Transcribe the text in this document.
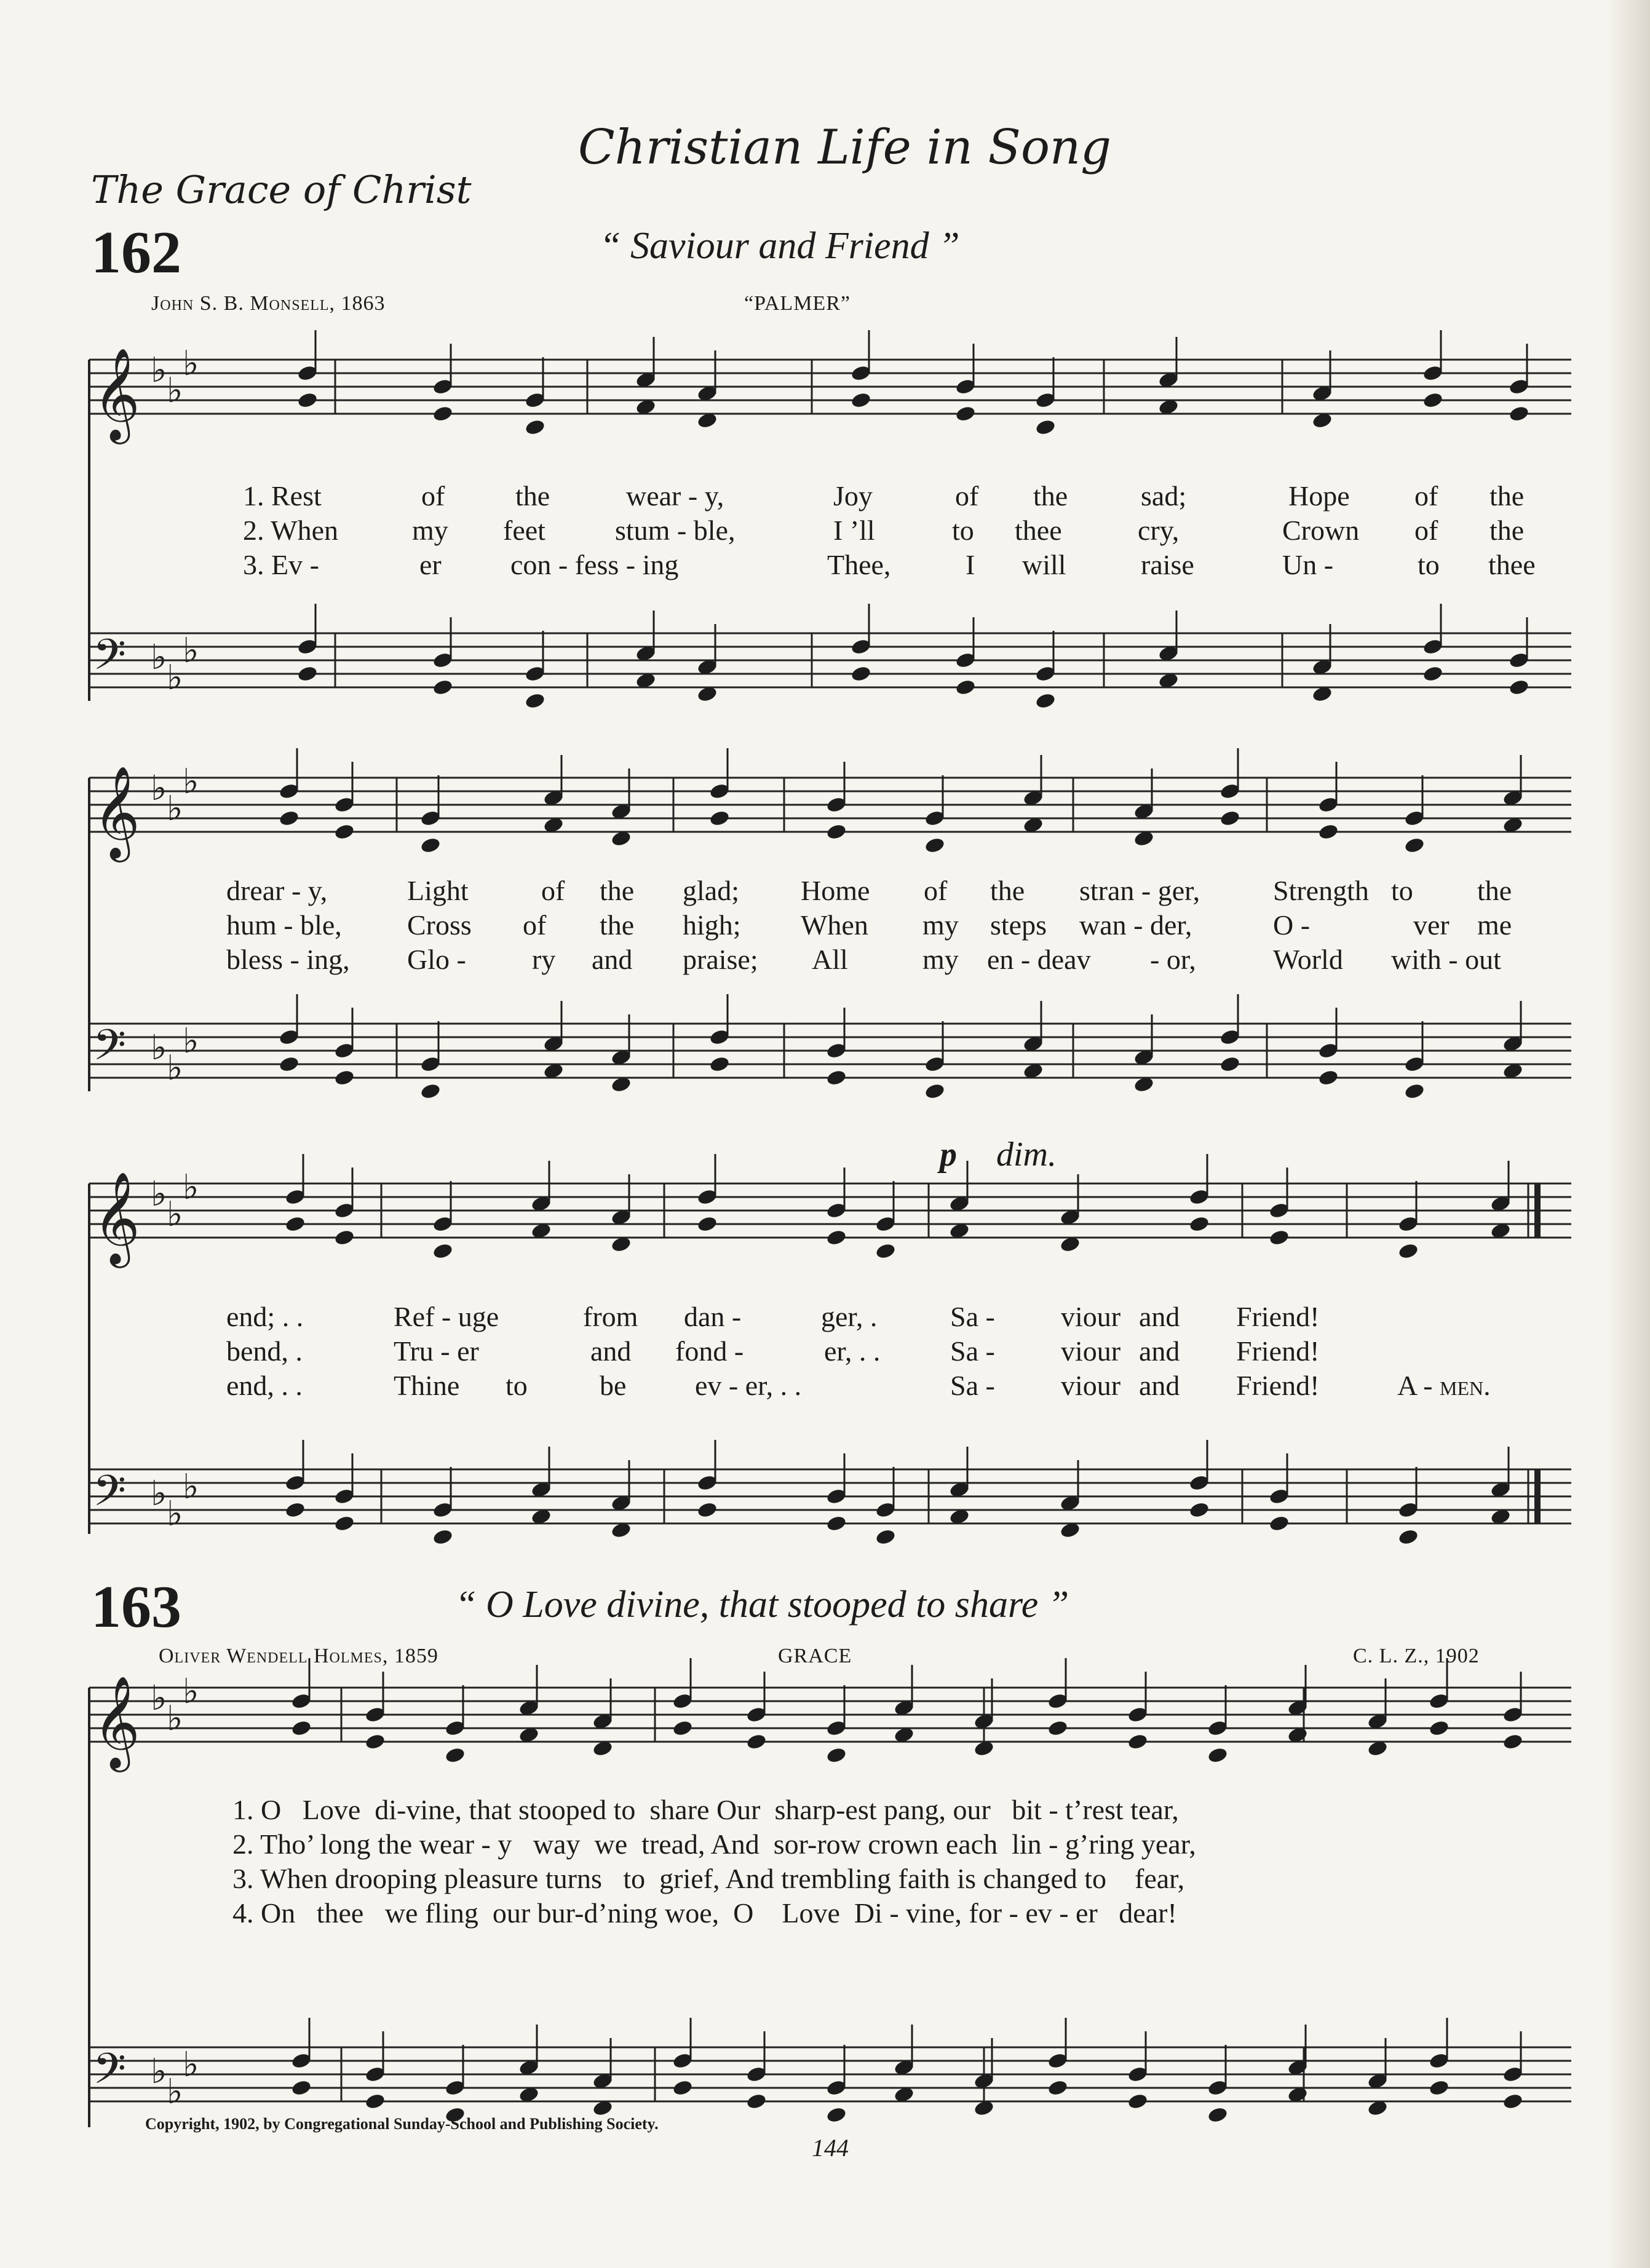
Christian Life in Song
The Grace of Christ
162	“ Saviour and Friend ”
John S. B. Monsell, 1863	“PALMER”
𝄞 ♭
♭
♭
𝄢 ♭
♭
♭
𝄞 ♭
♭
♭
𝄢 ♭
♭
♭
𝄞 ♭
♭
♭
𝄢 ♭
♭
♭
𝄞 ♭
♭
♭
𝄢 ♭
♭
♭
1. Rest	of the	wear - y,	Joy	of the	sad;	Hope of the
2. When	my feet stum - ble,	I ’ll	to thee	cry,	Crown of the
3. Ev -	er con - fess - ing	Thee,	I will	raise	Un -	to thee
drear - y,	Light	of the glad; Home of the stran - ger,	Strength to the
hum - ble, Cross of the high; When my steps wan - der,	O -	ver me
bless - ing, Glo - ry and praise; All	my en - deav - or,	World with - out
p dim.
end; . .	Ref - uge	from dan -	ger, .	Sa - viour and Friend!
bend, .	Tru - er	and fond -	er, . . Sa - viour and Friend!
end, . .	Thine to	be ev - er, . .	Sa - viour and Friend!	A - men.
163	“ O Love divine, that stooped to share ”
Oliver Wendell Holmes, 1859	GRACE	C. L. Z., 1902
1. O   Love  di-vine, that stooped to  share Our  sharp-est pang, our   bit - t’rest tear,
2. Tho’ long the wear - y   way  we  tread, And  sor-row crown each  lin - g’ring year,
3. When drooping pleasure turns   to  grief, And trembling faith is changed to    fear,
4. On   thee   we fling  our bur-d’ning woe,  O    Love  Di - vine, for - ev - er   dear!
Copyright, 1902, by Congregational Sunday-School and Publishing Society.
144
